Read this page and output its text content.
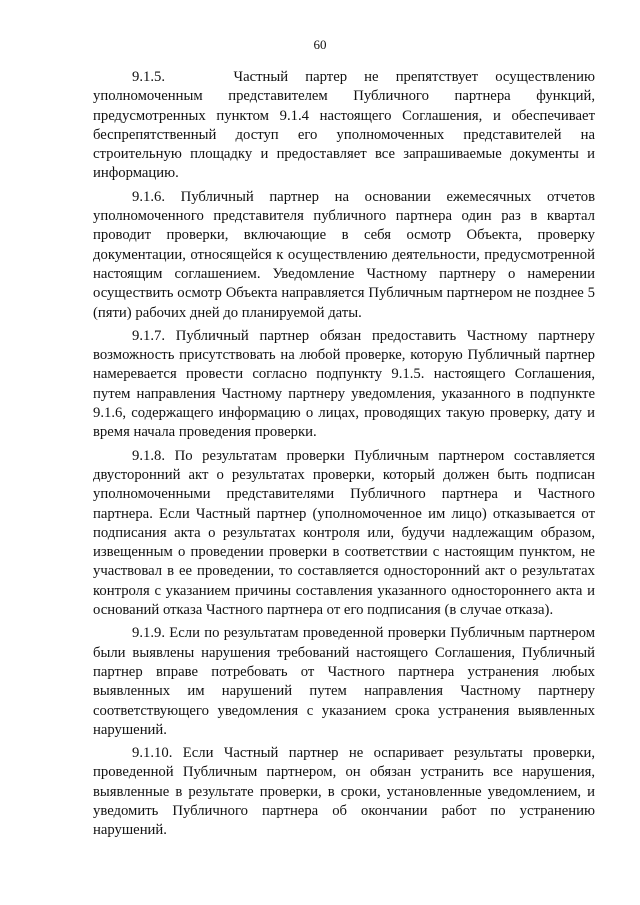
60

9.1.5.    Частный партер не препятствует осуществлению уполномоченным представителем Публичного партнера функций, предусмотренных пунктом 9.1.4 настоящего Соглашения, и обеспечивает беспрепятственный доступ его уполномоченных представителей на строительную площадку и предоставляет все запрашиваемые документы и информацию.

9.1.6. Публичный партнер на основании ежемесячных отчетов уполномоченного представителя публичного партнера один раз в квартал проводит проверки, включающие в себя осмотр Объекта, проверку документации, относящейся к осуществлению деятельности, предусмотренной настоящим соглашением. Уведомление Частному партнеру о намерении осуществить осмотр Объекта направляется Публичным партнером не позднее 5 (пяти) рабочих дней до планируемой даты.

9.1.7. Публичный партнер обязан предоставить Частному партнеру возможность присутствовать на любой проверке, которую Публичный партнер намеревается провести согласно подпункту 9.1.5. настоящего Соглашения, путем направления Частному партнеру уведомления, указанного в подпункте 9.1.6, содержащего информацию о лицах, проводящих такую проверку, дату и время начала проведения проверки.

9.1.8. По результатам проверки Публичным партнером составляется двусторонний акт о результатах проверки, который должен быть подписан уполномоченными представителями Публичного партнера и Частного партнера. Если Частный партнер (уполномоченное им лицо) отказывается от подписания акта о результатах контроля или, будучи надлежащим образом, извещенным о проведении проверки в соответствии с настоящим пунктом, не участвовал в ее проведении, то составляется односторонний акт о результатах контроля с указанием причины составления указанного одностороннего акта и оснований отказа Частного партнера от его подписания (в случае отказа).

9.1.9. Если по результатам проведенной проверки Публичным партнером были выявлены нарушения требований настоящего Соглашения, Публичный партнер вправе потребовать от Частного партнера устранения любых выявленных им нарушений путем направления Частному партнеру соответствующего уведомления с указанием срока устранения выявленных нарушений.

9.1.10. Если Частный партнер не оспаривает результаты проверки, проведенной Публичным партнером, он обязан устранить все нарушения, выявленные в результате проверки, в сроки, установленные уведомлением, и уведомить Публичного партнера об окончании работ по устранению нарушений.
